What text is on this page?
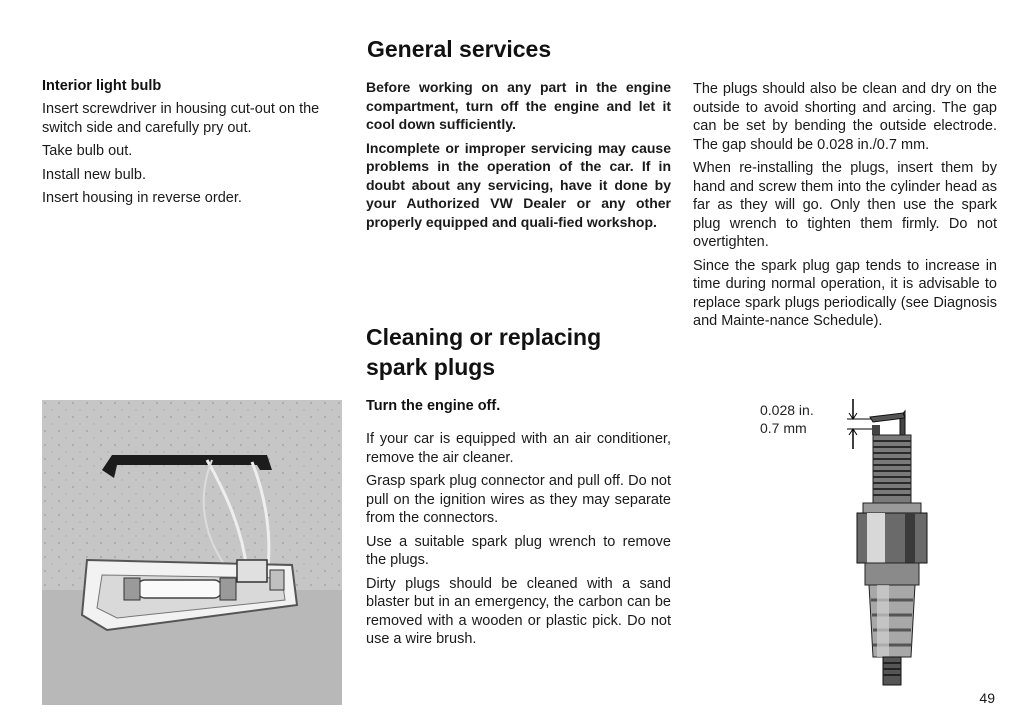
General services
Interior light bulb

Insert screwdriver in housing cut-out on the switch side and carefully pry out.

Take bulb out.

Install new bulb.

Insert housing in reverse order.

Before working on any part in the engine compartment, turn off the engine and let it cool down sufficiently.

Incomplete or improper servicing may cause problems in the operation of the car. If in doubt about any servicing, have it done by your Authorized VW Dealer or any other properly equipped and quali-fied workshop.

Cleaning or replacing
spark plugs
Turn the engine off.

If your car is equipped with an air conditioner, remove the air cleaner.

Grasp spark plug connector and pull off. Do not pull on the ignition wires as they may separate from the connectors.

Use a suitable spark plug wrench to remove the plugs.

Dirty plugs should be cleaned with a sand blaster but in an emergency, the carbon can be removed with a wooden or plastic pick. Do not use a wire brush.

The plugs should also be clean and dry on the outside to avoid shorting and arcing. The gap can be set by bending the outside electrode. The gap should be 0.028 in./0.7 mm.

When re-installing the plugs, insert them by hand and screw them into the cylinder head as far as they will go. Only then use the spark plug wrench to tighten them firmly. Do not overtighten.

Since the spark plug gap tends to increase in time during normal operation, it is advisable to replace spark plugs periodically (see Diagnosis and Mainte-nance Schedule).

0.028 in.
0.7 mm
49
